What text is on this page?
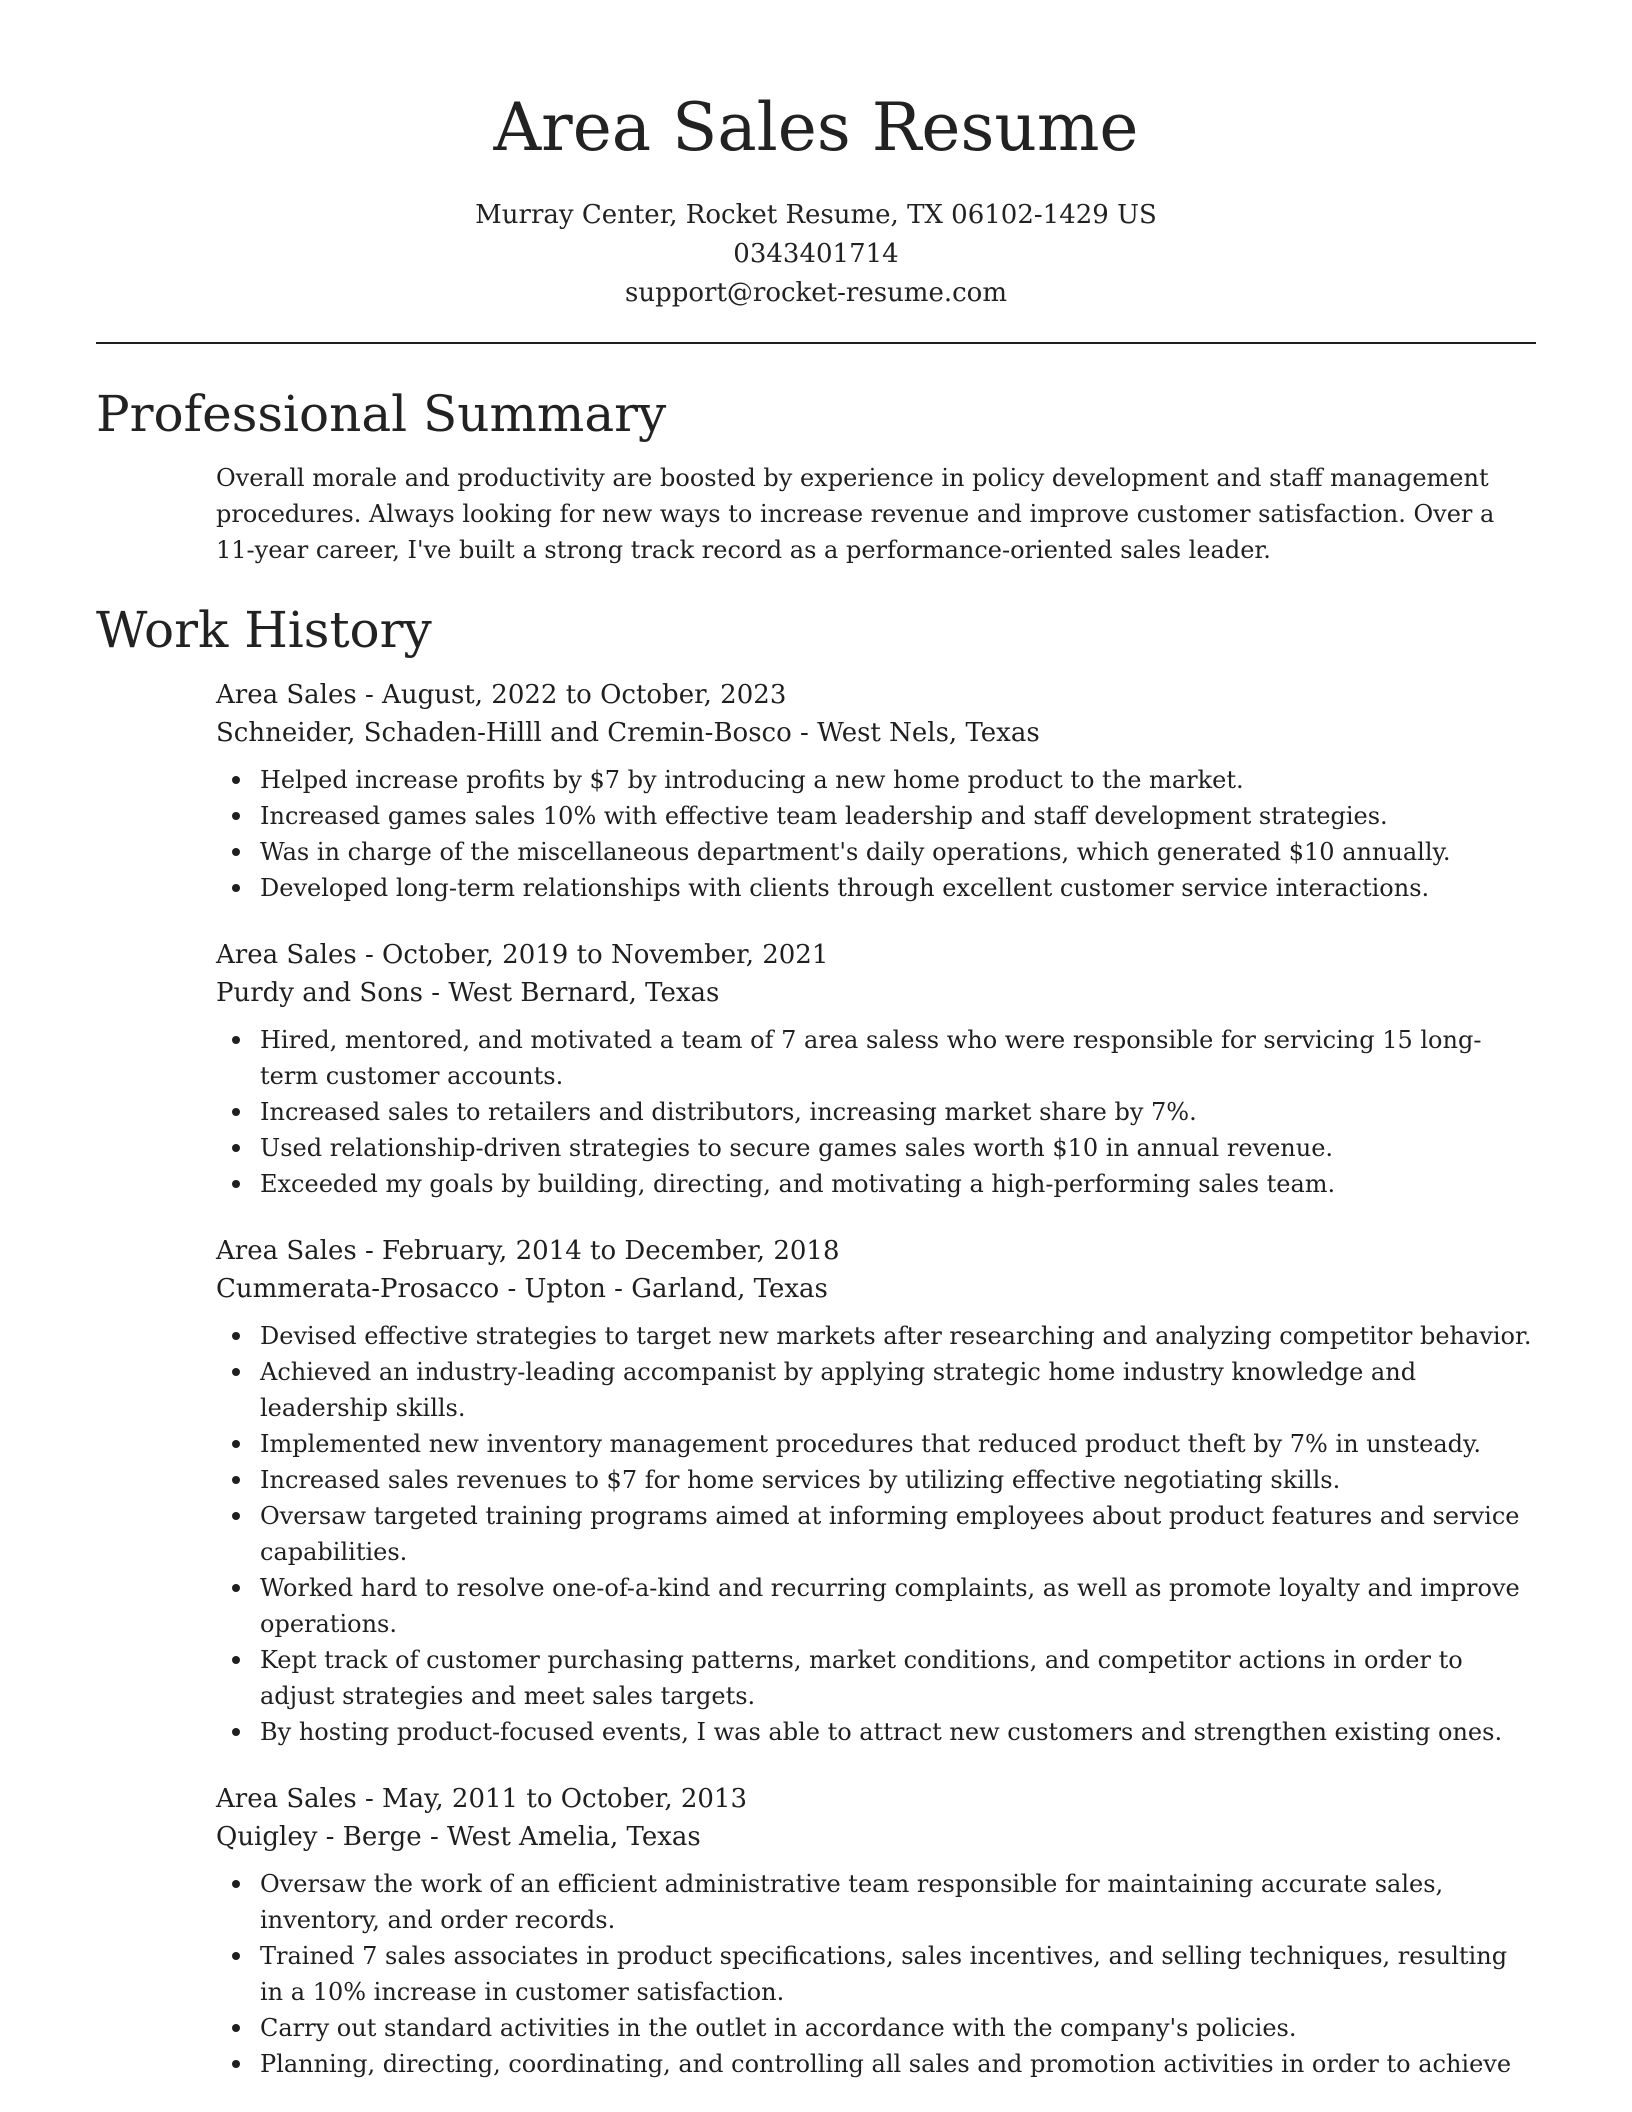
Area Sales Resume
Murray Center, Rocket Resume, TX 06102-1429 US
0343401714
support@rocket-resume.com
Professional Summary
Overall morale and productivity are boosted by experience in policy development and staff management procedures. Always looking for new ways to increase revenue and improve customer satisfaction. Over a 11-year career, I've built a strong track record as a performance-oriented sales leader.
Work History
Area Sales - August, 2022 to October, 2023
Schneider, Schaden-Hilll and Cremin-Bosco - West Nels, Texas
Helped increase profits by $7 by introducing a new home product to the market.
Increased games sales 10% with effective team leadership and staff development strategies.
Was in charge of the miscellaneous department's daily operations, which generated $10 annually.
Developed long-term relationships with clients through excellent customer service interactions.
Area Sales - October, 2019 to November, 2021
Purdy and Sons - West Bernard, Texas
Hired, mentored, and motivated a team of 7 area saless who were responsible for servicing 15 long-term customer accounts.
Increased sales to retailers and distributors, increasing market share by 7%.
Used relationship-driven strategies to secure games sales worth $10 in annual revenue.
Exceeded my goals by building, directing, and motivating a high-performing sales team.
Area Sales - February, 2014 to December, 2018
Cummerata-Prosacco - Upton - Garland, Texas
Devised effective strategies to target new markets after researching and analyzing competitor behavior.
Achieved an industry-leading accompanist by applying strategic home industry knowledge and leadership skills.
Implemented new inventory management procedures that reduced product theft by 7% in unsteady.
Increased sales revenues to $7 for home services by utilizing effective negotiating skills.
Oversaw targeted training programs aimed at informing employees about product features and service capabilities.
Worked hard to resolve one-of-a-kind and recurring complaints, as well as promote loyalty and improve operations.
Kept track of customer purchasing patterns, market conditions, and competitor actions in order to adjust strategies and meet sales targets.
By hosting product-focused events, I was able to attract new customers and strengthen existing ones.
Area Sales - May, 2011 to October, 2013
Quigley - Berge - West Amelia, Texas
Oversaw the work of an efficient administrative team responsible for maintaining accurate sales, inventory, and order records.
Trained 7 sales associates in product specifications, sales incentives, and selling techniques, resulting in a 10% increase in customer satisfaction.
Carry out standard activities in the outlet in accordance with the company's policies.
Planning, directing, coordinating, and controlling all sales and promotion activities in order to achieve
